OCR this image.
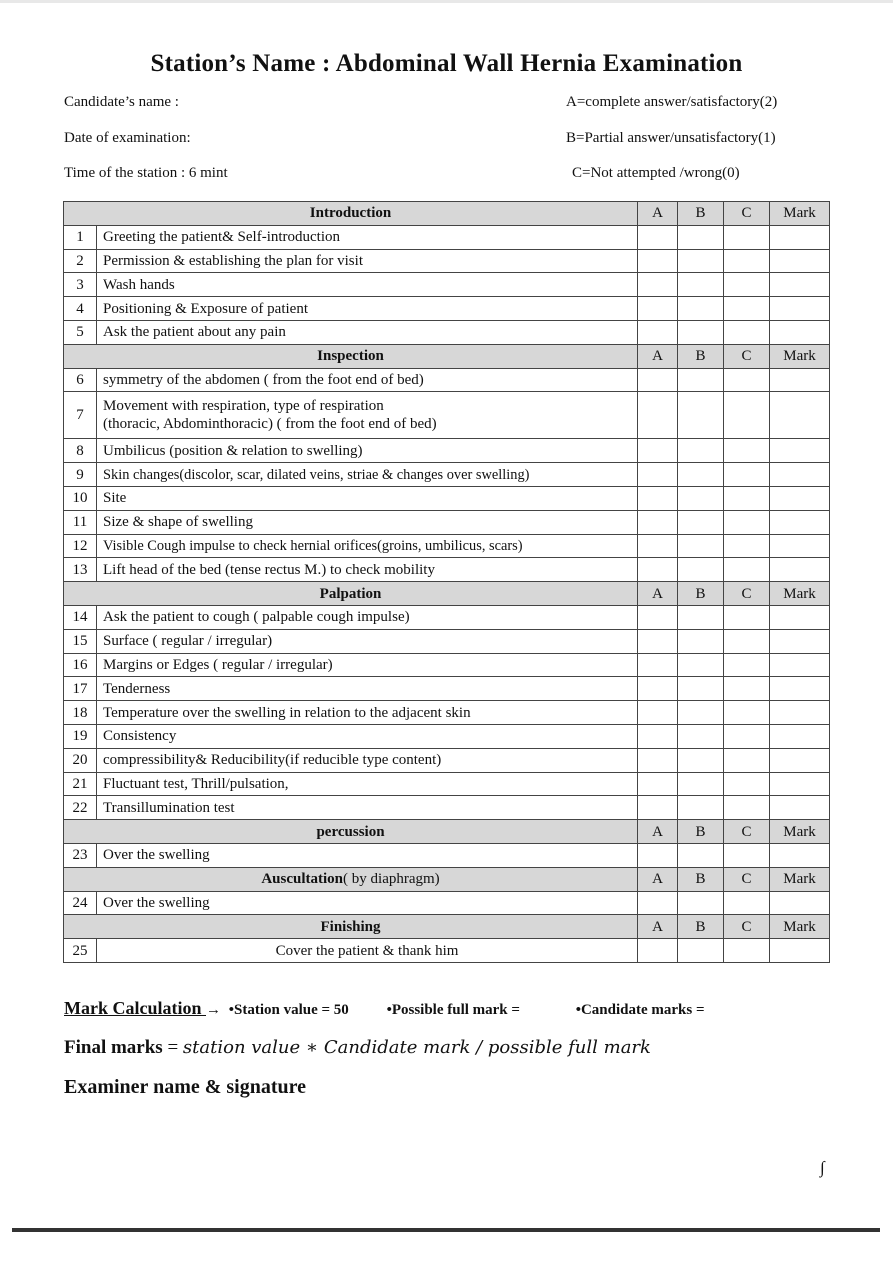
Station’s Name : Abdominal Wall Hernia Examination
Candidate’s name :
Date of examination:
Time of the station : 6 mint
A=complete answer/satisfactory(2)
B=Partial answer/unsatisfactory(1)
C=Not attempted /wrong(0)
Introduction		A	B	C	Mark
1	Greeting the patient& Self-introduction				
2	Permission & establishing the plan for visit				
3	Wash hands				
4	Positioning & Exposure of patient				
5	Ask the patient about any pain				
Inspection		A	B	C	Mark
6	symmetry of the abdomen ( from the foot end of bed)				
7	Movement with respiration, type of respiration
(thoracic, Abdominthoracic) ( from the foot end of bed)				

8	Umbilicus (position & relation to swelling)				
9	Skin changes(discolor, scar, dilated veins, striae & changes over swelling)				
10	Site				
11	Size & shape of swelling				
12	Visible Cough impulse to check hernial orifices(groins, umbilicus, scars)				
13	Lift head of the bed (tense rectus M.) to check mobility				
Palpation		A	B	C	Mark
14	Ask the patient to cough ( palpable cough impulse)				
15	Surface ( regular / irregular)				
16	Margins or Edges ( regular / irregular)				
17	Tenderness				
18	Temperature over the swelling in relation to the adjacent skin				
19	Consistency				
20	compressibility& Reducibility(if reducible type content)				
21	Fluctuant test, Thrill/pulsation,				
22	Transillumination test				
percussion		A	B	C	Mark
23	Over the swelling				
Auscultation( by diaphragm)		A	B	C	Mark
24	Over the swelling				
Finishing		A	B	C	Mark
25	Cover the patient & thank him				
Mark Calculation → •Station value = 50	•Possible full mark =	•Candidate marks =
Final marks = station value ∗ Candidate mark / possible full mark
Examiner name & signature
∫
